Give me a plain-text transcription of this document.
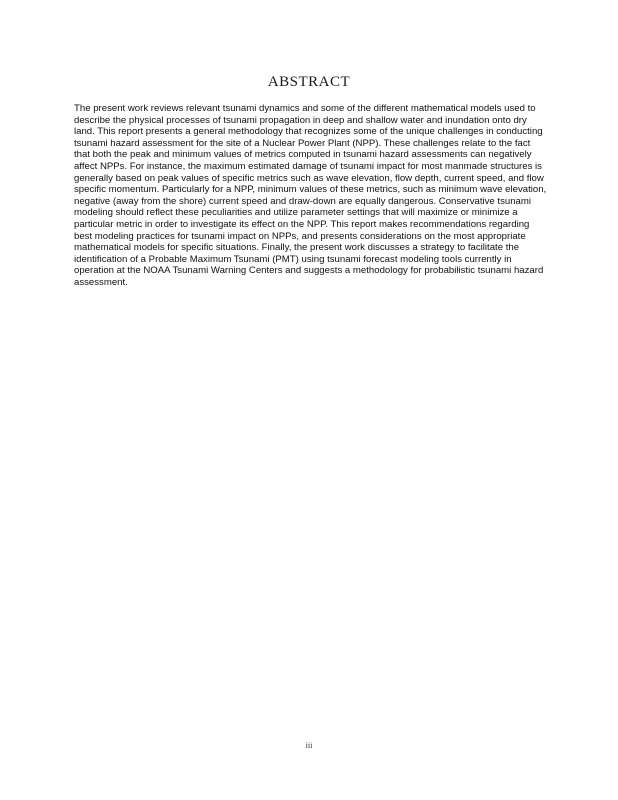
ABSTRACT
The present work reviews relevant tsunami dynamics and some of the different mathematical models used to describe the physical processes of tsunami propagation in deep and shallow water and inundation onto dry land. This report presents a general methodology that recognizes some of the unique challenges in conducting tsunami hazard assessment for the site of a Nuclear Power Plant (NPP). These challenges relate to the fact that both the peak and minimum values of metrics computed in tsunami hazard assessments can negatively affect NPPs. For instance, the maximum estimated damage of tsunami impact for most manmade structures is generally based on peak values of specific metrics such as wave elevation, flow depth, current speed, and flow specific momentum. Particularly for a NPP, minimum values of these metrics, such as minimum wave elevation, negative (away from the shore) current speed and draw-down are equally dangerous. Conservative tsunami modeling should reflect these peculiarities and utilize parameter settings that will maximize or minimize a particular metric in order to investigate its effect on the NPP. This report makes recommendations regarding best modeling practices for tsunami impact on NPPs, and presents considerations on the most appropriate mathematical models for specific situations. Finally, the present work discusses a strategy to facilitate the identification of a Probable Maximum Tsunami (PMT) using tsunami forecast modeling tools currently in operation at the NOAA Tsunami Warning Centers and suggests a methodology for probabilistic tsunami hazard assessment.
iii
